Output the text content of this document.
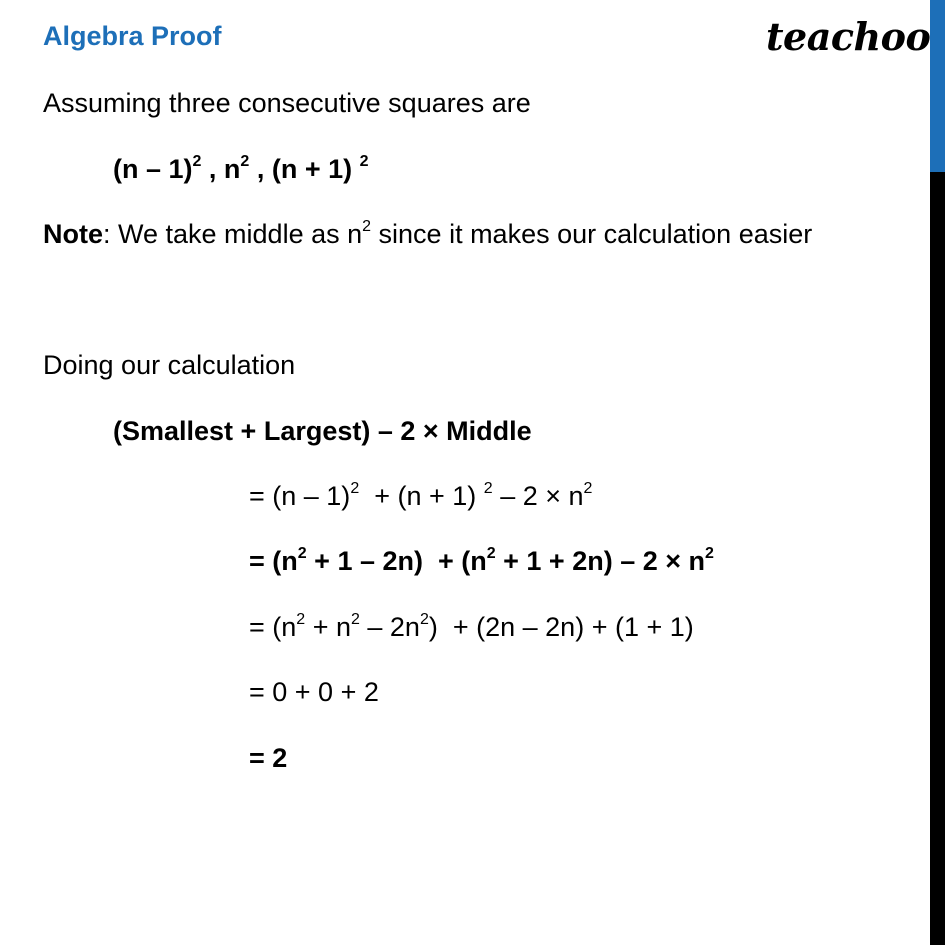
Algebra Proof	teachoo
Assuming three consecutive squares are
(n – 1)$^2$ , $n^2$ , (n + 1) $^2$
Note: We take middle as $n^2$ since it makes our calculation easier
Doing our calculation
(Smallest + Largest) – 2 × Middle
= (n – 1)$^2$  + (n + 1) $^2 - 2 \times n^2$
= $(n^2 + 1 - 2n) + (n^2 + 1 + 2n) - 2 \times n^2$
= $(n^2 + n^2 - 2n^2) + (2n - 2n) + (1 + 1)$
= 0 + 0 + 2
= 2
